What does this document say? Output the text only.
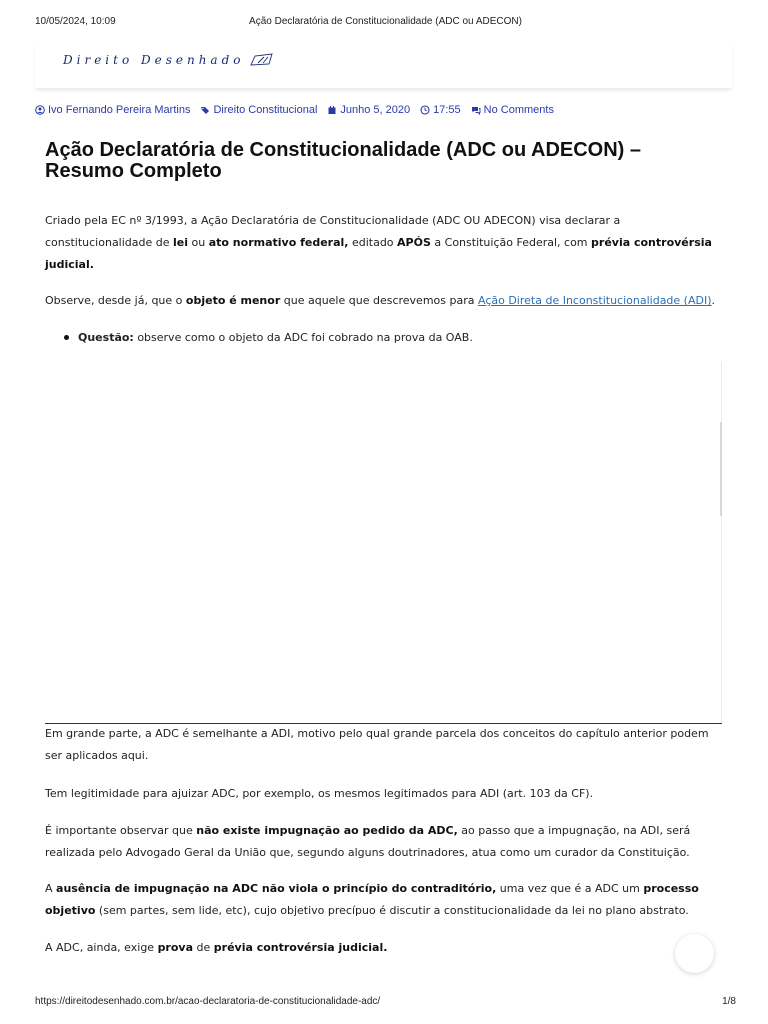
10/05/2024, 10:09	Ação Declaratória de Constitucionalidade (ADC ou ADECON)
Direito Desenhado
Ivo Fernando Pereira Martins Direito Constitucional Junho 5, 2020 17:55 No Comments
Ação Declaratória de Constitucionalidade (ADC ou ADECON) – Resumo Completo

Criado pela EC nº 3/1993, a Ação Declaratória de Constitucionalidade (ADC OU ADECON) visa declarar a constitucionalidade de lei ou ato normativo federal, editado APÓS a Constituição Federal, com prévia controvérsia judicial.

Observe, desde já, que o objeto é menor que aquele que descrevemos para Ação Direta de Inconstitucionalidade (ADI).

Questão: observe como o objeto da ADC foi cobrado na prova da OAB.

Em grande parte, a ADC é semelhante a ADI, motivo pelo qual grande parcela dos conceitos do capítulo anterior podem ser aplicados aqui.

Tem legitimidade para ajuizar ADC, por exemplo, os mesmos legitimados para ADI (art. 103 da CF).

É importante observar que não existe impugnação ao pedido da ADC, ao passo que a impugnação, na ADI, será realizada pelo Advogado Geral da União que, segundo alguns doutrinadores, atua como um curador da Constituição.

A ausência de impugnação na ADC não viola o princípio do contraditório, uma vez que é a ADC um processo objetivo (sem partes, sem lide, etc), cujo objetivo precípuo é discutir a constitucionalidade da lei no plano abstrato.

A ADC, ainda, exige prova de prévia controvérsia judicial.

https://direitodesenhado.com.br/acao-declaratoria-de-constitucionalidade-adc/	1/8
